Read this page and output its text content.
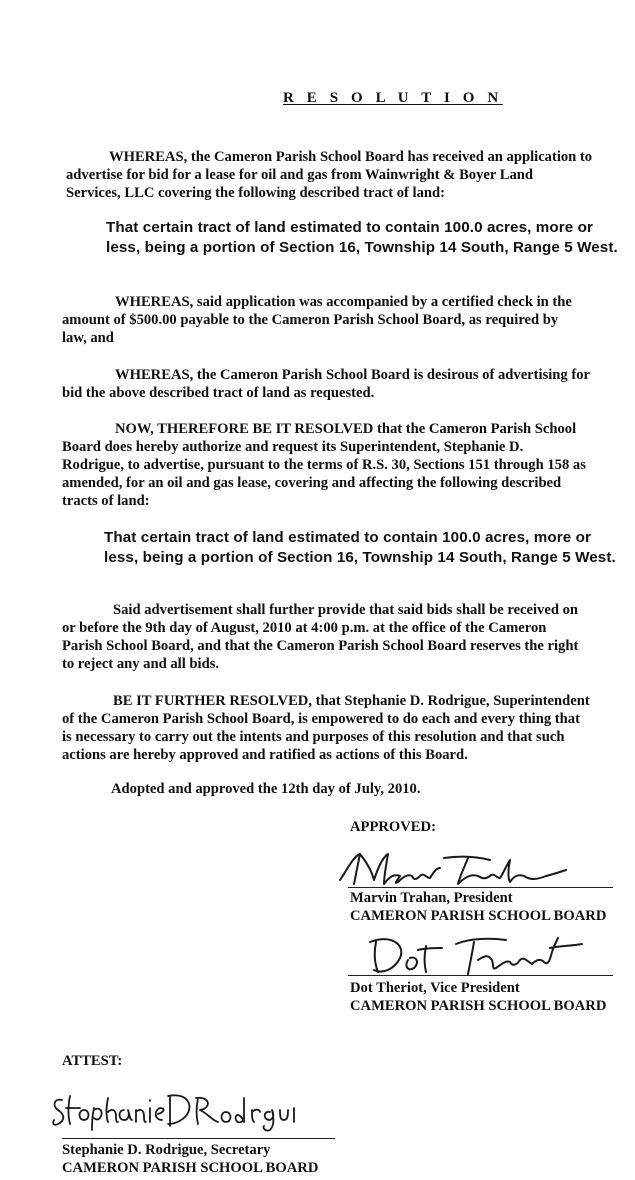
R E S O L U T I O N
WHEREAS, the Cameron Parish School Board has received an application to
advertise for bid for a lease for oil and gas from Wainwright & Boyer Land
Services, LLC covering the following described tract of land:
That certain tract of land estimated to contain 100.0 acres, more or
less, being a portion of Section 16, Township 14 South, Range 5 West.
WHEREAS, said application was accompanied by a certified check in the
amount of $500.00 payable to the Cameron Parish School Board, as required by
law, and
WHEREAS, the Cameron Parish School Board is desirous of advertising for
bid the above described tract of land as requested.
NOW, THEREFORE BE IT RESOLVED that the Cameron Parish School
Board does hereby authorize and request its Superintendent, Stephanie D.
Rodrigue, to advertise, pursuant to the terms of R.S. 30, Sections 151 through 158 as
amended, for an oil and gas lease, covering and affecting the following described
tracts of land:
That certain tract of land estimated to contain 100.0 acres, more or
less, being a portion of Section 16, Township 14 South, Range 5 West.
Said advertisement shall further provide that said bids shall be received on
or before the 9th day of August, 2010 at 4:00 p.m. at the office of the Cameron
Parish School Board, and that the Cameron Parish School Board reserves the right
to reject any and all bids.
BE IT FURTHER RESOLVED, that Stephanie D. Rodrigue, Superintendent
of the Cameron Parish School Board, is empowered to do each and every thing that
is necessary to carry out the intents and purposes of this resolution and that such
actions are hereby approved and ratified as actions of this Board.
Adopted and approved the 12th day of July, 2010.
APPROVED:
Marvin Trahan, President
CAMERON PARISH SCHOOL BOARD
Dot Theriot, Vice President
CAMERON PARISH SCHOOL BOARD
ATTEST:
Stephanie D. Rodrigue, Secretary
CAMERON PARISH SCHOOL BOARD
